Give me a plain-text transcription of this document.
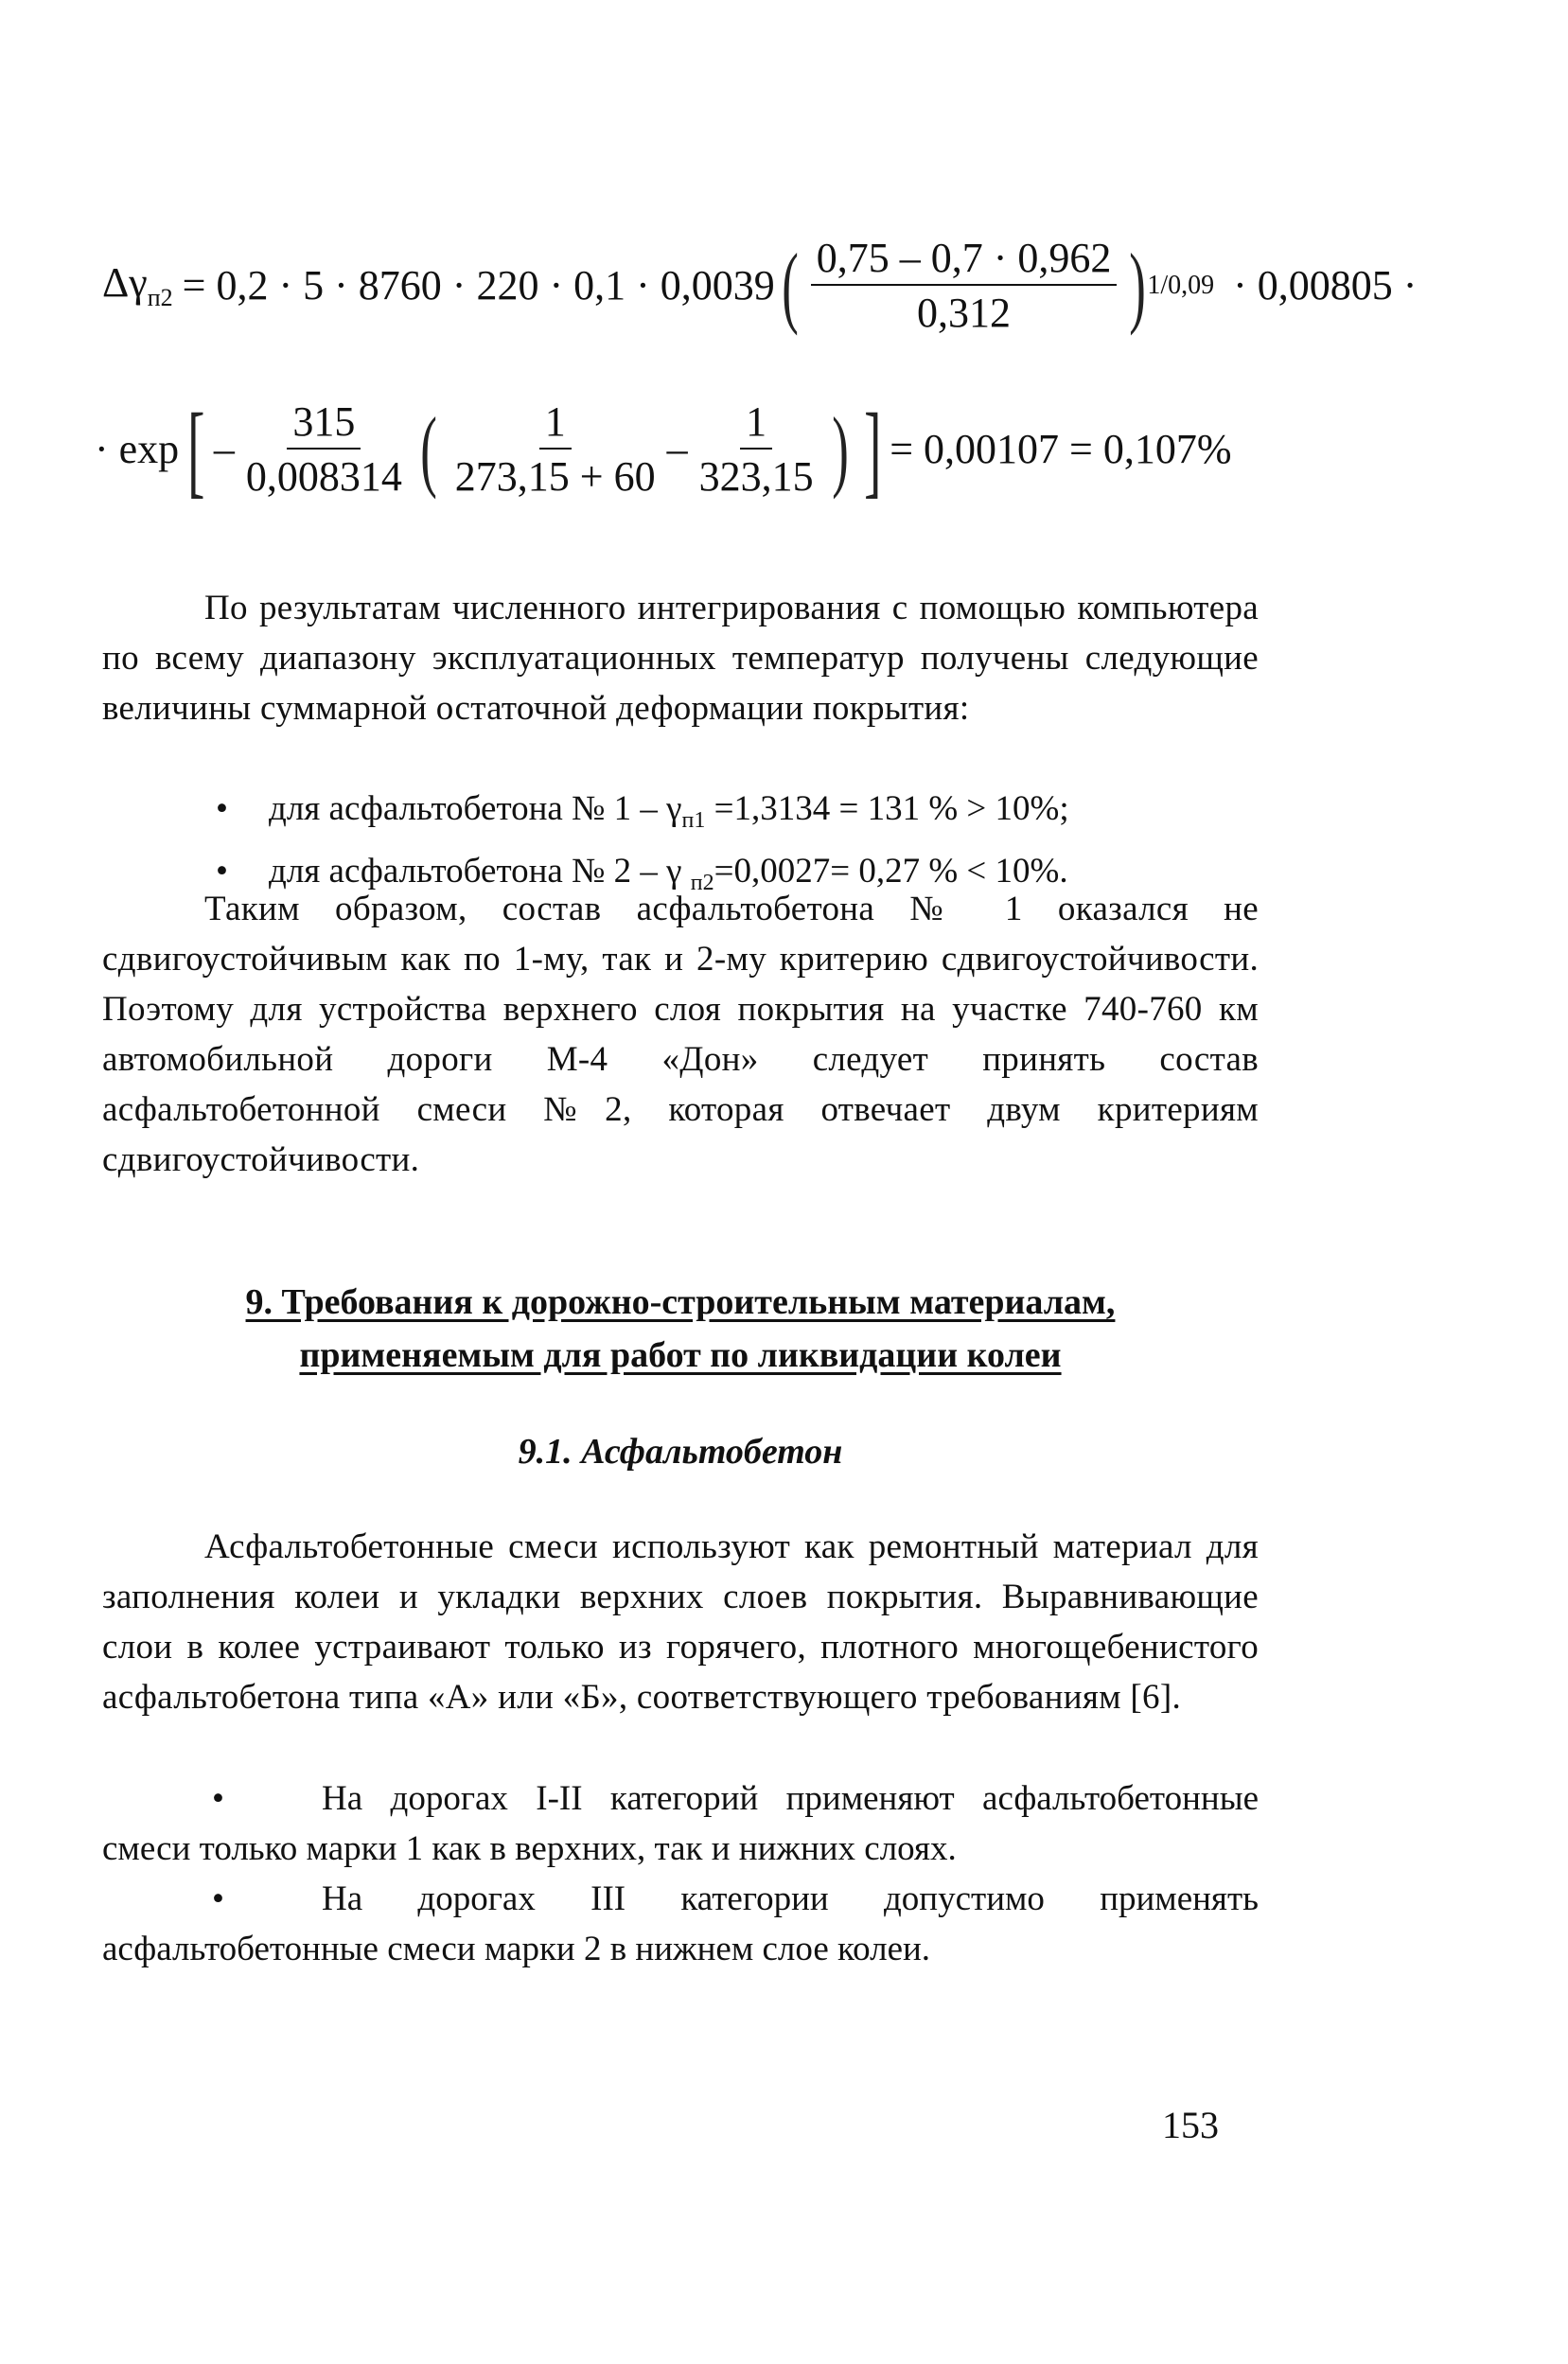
$\Delta\gamma_{п2} = 0,2 \cdot 5 \cdot 8760 \cdot 220 \cdot 0,1 \cdot 0,0039$ ( $\frac{0,75 - 0,7 \cdot 0,962}{0,312}$ ) 1/0,09 · 0,00805 ·
· exp [ – $\frac{315}{0,008314}$ ( $\frac{1}{273,15 + 60} - \frac{1}{323,15}$ ) ] = 0,00107 = 0,107%

По результатам численного интегрирования с помощью компьютера по всему диапазону эксплуатационных температур получены следующие величины суммарной остаточной деформации покрытия:

• для асфальтобетона № $1 - \gamma_{п1} =1,3134 = 131$ % > 10%;
• для асфальтобетона № 2 – γ $_{п2}$=0,0027= 0,27 % < 10%.

Таким образом, состав асфальтобетона № 1 оказался не сдвигоустойчивым как по 1-му, так и 2-му критерию сдвигоустойчивости. Поэтому для устройства верхнего слоя покрытия на участке 740-760 км автомобильной дороги М-4 «Дон» следует принять состав асфальтобетонной смеси №2, которая отвечает двум критериям сдвигоустойчивости.

9. Требования к дорожно-строительным материалам,
применяемым для работ по ликвидации колеи
9.1. Асфальтобетон

Асфальтобетонные смеси используют как ремонтный материал для заполнения колеи и укладки верхних слоев покрытия. Выравнивающие слои в колее устраивают только из горячего, плотного многощебенистого асфальтобетона типа «А» или «Б», соответствующего требованиям [6].

•	На дорогах I-II категорий применяют асфальтобетонные смеси только марки 1 как в верхних, так и нижних слоях.
•	На дорогах III категории допустимо применять асфальтобетонные смеси марки 2 в нижнем слое колеи.
153
